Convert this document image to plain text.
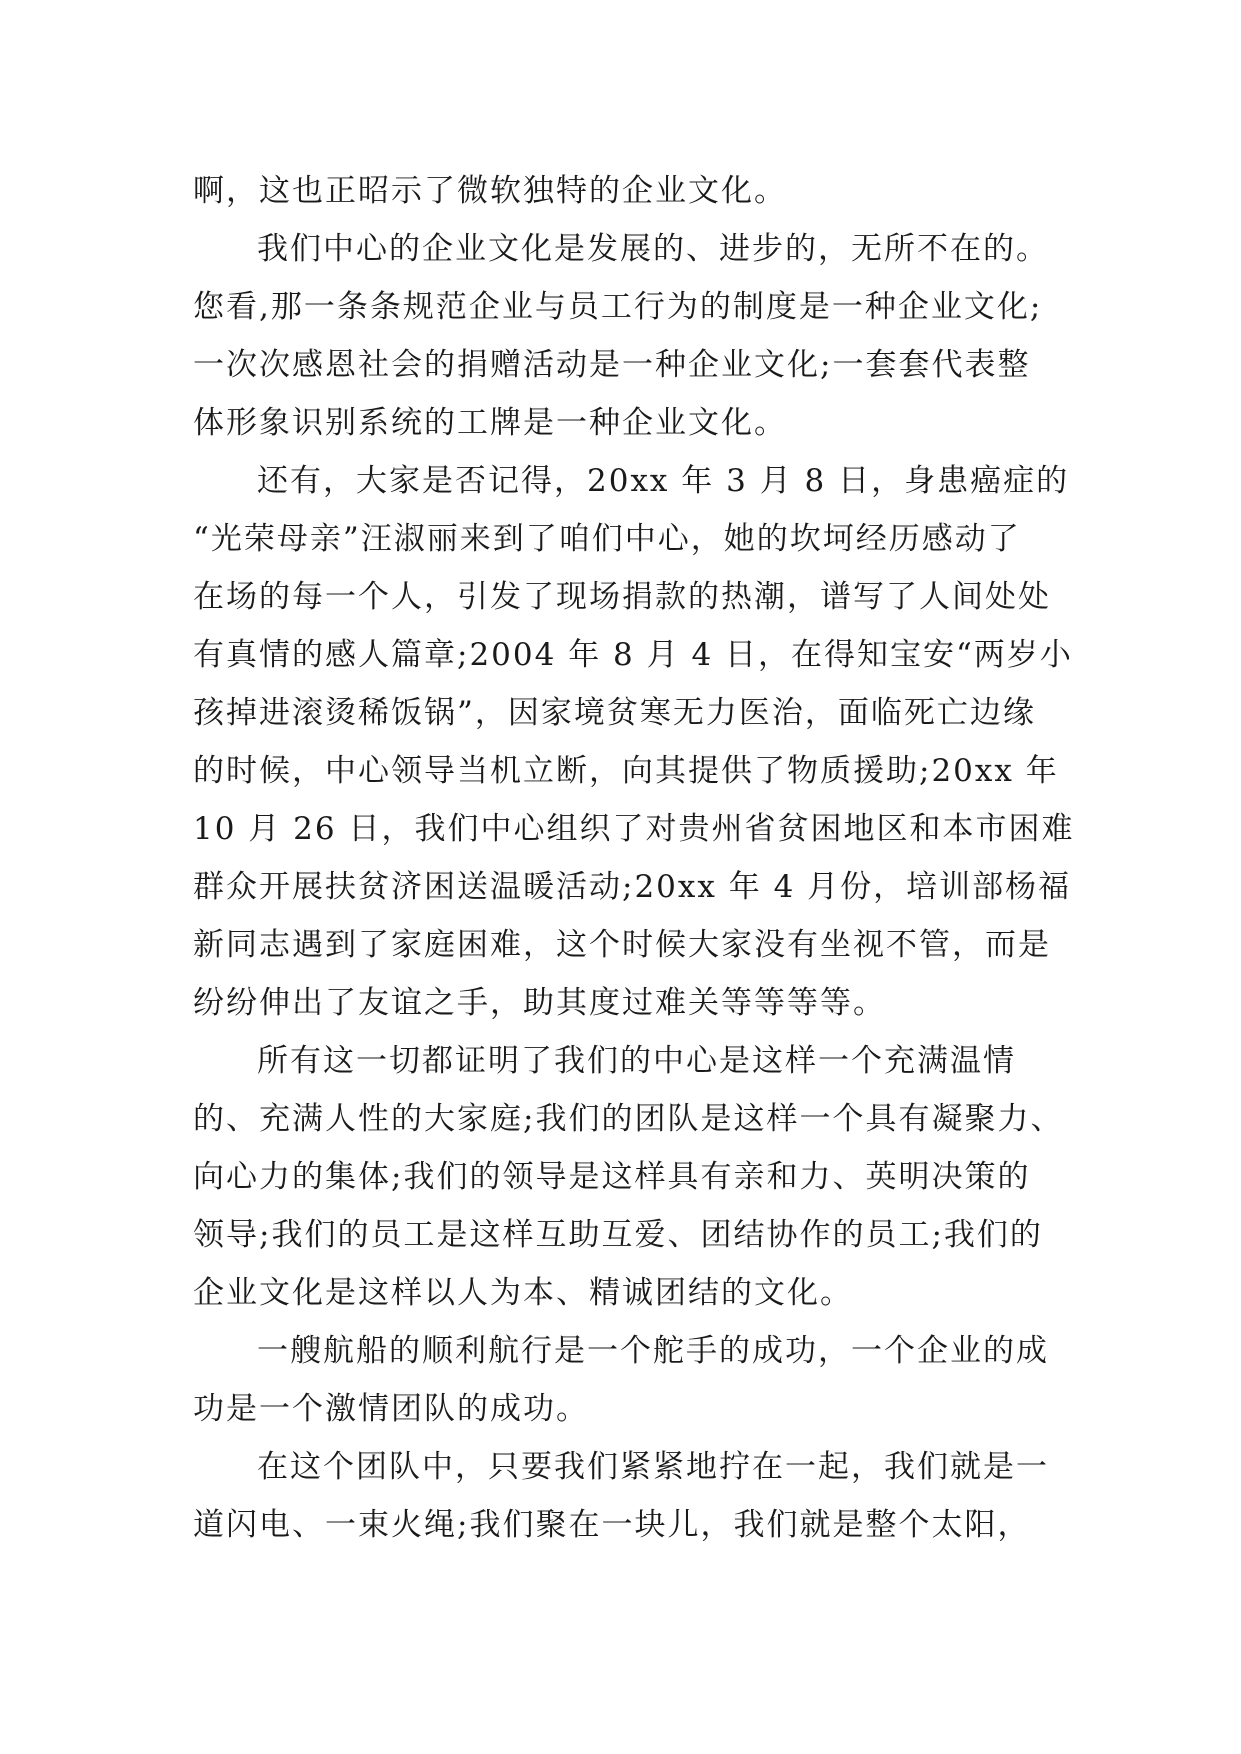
啊，这也正昭示了微软独特的企业文化。
我们中心的企业文化是发展的、进步的，无所不在的。
您看,那一条条规范企业与员工行为的制度是一种企业文化;
一次次感恩社会的捐赠活动是一种企业文化;一套套代表整
体形象识别系统的工牌是一种企业文化。
还有，大家是否记得，20xx 年 3 月 8 日，身患癌症的
“光荣母亲”汪淑丽来到了咱们中心，她的坎坷经历感动了
在场的每一个人，引发了现场捐款的热潮，谱写了人间处处
有真情的感人篇章;2004 年 8 月 4 日，在得知宝安“两岁小
孩掉进滚烫稀饭锅”，因家境贫寒无力医治，面临死亡边缘
的时候，中心领导当机立断，向其提供了物质援助;20xx 年
10 月 26 日，我们中心组织了对贵州省贫困地区和本市困难
群众开展扶贫济困送温暖活动;20xx 年 4 月份，培训部杨福
新同志遇到了家庭困难，这个时候大家没有坐视不管，而是
纷纷伸出了友谊之手，助其度过难关等等等等。
所有这一切都证明了我们的中心是这样一个充满温情
的、充满人性的大家庭;我们的团队是这样一个具有凝聚力、
向心力的集体;我们的领导是这样具有亲和力、英明决策的
领导;我们的员工是这样互助互爱、团结协作的员工;我们的
企业文化是这样以人为本、精诚团结的文化。
一艘航船的顺利航行是一个舵手的成功，一个企业的成
功是一个激情团队的成功。
在这个团队中，只要我们紧紧地拧在一起，我们就是一
道闪电、一束火绳;我们聚在一块儿，我们就是整个太阳，
